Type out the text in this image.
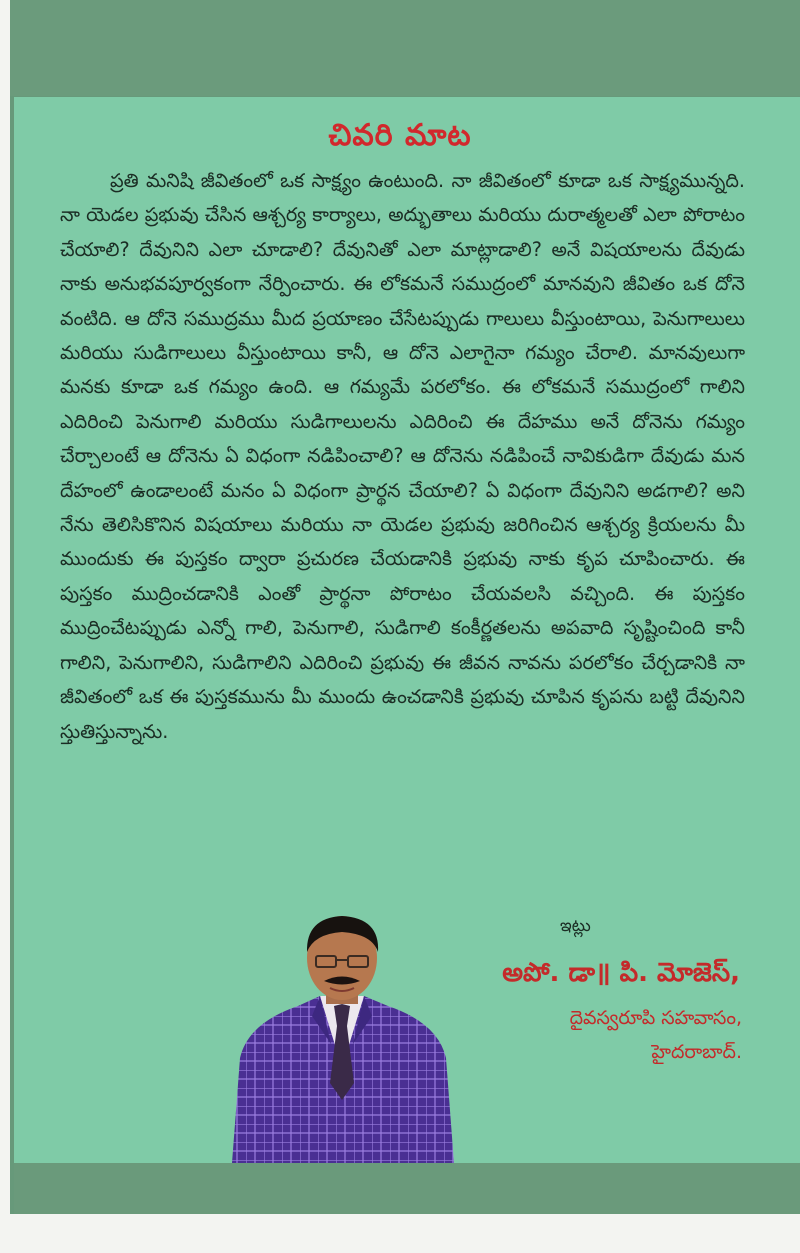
చివరి మాట

ప్రతి మనిషి జీవితంలో ఒక సాక్ష్యం ఉంటుంది. నా జీవితంలో కూడా ఒక సాక్ష్యమున్నది. నా యెడల ప్రభువు చేసిన ఆశ్చర్య కార్యాలు, అద్భుతాలు మరియు దురాత్మలతో ఎలా పోరాటం చేయాలి? దేవునిని ఎలా చూడాలి? దేవునితో ఎలా మాట్లాడాలి? అనే విషయాలను దేవుడు నాకు అనుభవపూర్వకంగా నేర్పించారు. ఈ లోకమనే సముద్రంలో మానవుని జీవితం ఒక దోనె వంటిది. ఆ దోనె సముద్రము మీద ప్రయాణం చేసేటప్పుడు గాలులు వీస్తుంటాయి, పెనుగాలులు మరియు సుడిగాలులు వీస్తుంటాయి కానీ, ఆ దోనె ఎలాగైనా గమ్యం చేరాలి. మానవులుగా మనకు కూడా ఒక గమ్యం ఉంది. ఆ గమ్యమే పరలోకం. ఈ లోకమనే సముద్రంలో గాలిని ఎదిరించి పెనుగాలి మరియు సుడిగాలులను ఎదిరించి ఈ దేహము అనే దోనెను గమ్యం చేర్చాలంటే ఆ దోనెను ఏ విధంగా నడిపించాలి? ఆ దోనెను నడిపించే నావికుడిగా దేవుడు మన దేహంలో ఉండాలంటే మనం ఏ విధంగా ప్రార్థన చేయాలి? ఏ విధంగా దేవునిని అడగాలి? అని నేను తెలిసికొనిన విషయాలు మరియు నా యెడల ప్రభువు జరిగించిన ఆశ్చర్య క్రియలను మీ ముందుకు ఈ పుస్తకం ద్వారా ప్రచురణ చేయడానికి ప్రభువు నాకు కృప చూపించారు. ఈ పుస్తకం ముద్రించడానికి ఎంతో ప్రార్థనా పోరాటం చేయవలసి వచ్చింది. ఈ పుస్తకం ముద్రించేటప్పుడు ఎన్నో గాలి, పెనుగాలి, సుడిగాలి కంకీర్ణతలను అపవాది సృష్టించింది కానీ గాలిని, పెనుగాలిని, సుడిగాలిని ఎదిరించి ప్రభువు ఈ జీవన నావను పరలోకం చేర్చడానికి నా జీవితంలో ఒక ఈ పుస్తకమును మీ ముందు ఉంచడానికి ప్రభువు చూపిన కృపను బట్టి దేవునిని స్తుతిస్తున్నాను.

ఇట్లు
అపో. డా॥ పి. మోజెస్,
దైవస్వరూపి సహవాసం,
హైదరాబాద్.
